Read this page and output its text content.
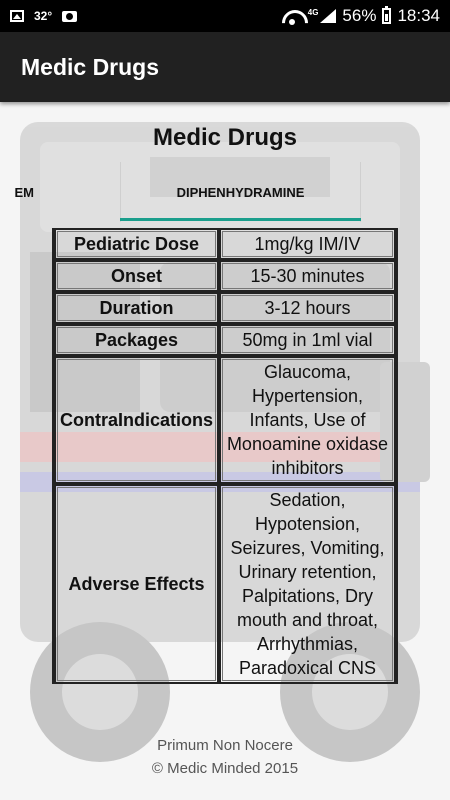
32°	4G 56% 18:34
Medic Drugs
Medic Drugs
EM	DIPHENHYDRAMINE
Pediatric Dose	1mg/kg IM/IV
Onset	15-30 minutes
Duration	3-12 hours
Packages	50mg in 1ml vial
ContraIndications	Glaucoma, Hypertension, Infants, Use of Monoamine oxidase inhibitors
Adverse Effects	Sedation, Hypotension, Seizures, Vomiting, Urinary retention, Palpitations, Dry mouth and throat, Arrhythmias, Paradoxical CNS
Primum Non Nocere
© Medic Minded 2015
